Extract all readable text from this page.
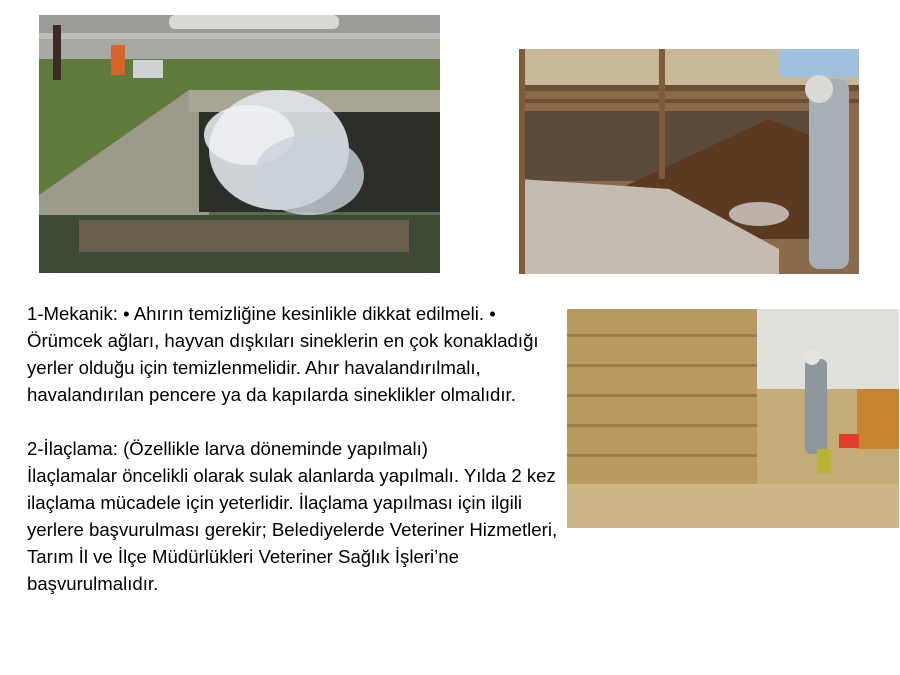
1-Mekanik: • Ahırın temizliğine kesinlikle dikkat edilmeli. • Örümcek ağları, hayvan dışkıları sineklerin en çok konakladığı yerler olduğu için temizlenmelidir. Ahır havalandırılmalı, havalandırılan pencere ya da kapılarda sineklikler olmalıdır.

2-İlaçlama: (Özellikle larva döneminde yapılmalı)
İlaçlamalar öncelikli olarak sulak alanlarda yapılmalı. Yılda 2 kez ilaçlama mücadele için yeterlidir. İlaçlama yapılması için ilgili yerlere başvurulması gerekir; Belediyelerde Veteriner Hizmetleri, Tarım İl ve İlçe Müdürlükleri Veteriner Sağlık İşleri’ne başvurulmalıdır.
